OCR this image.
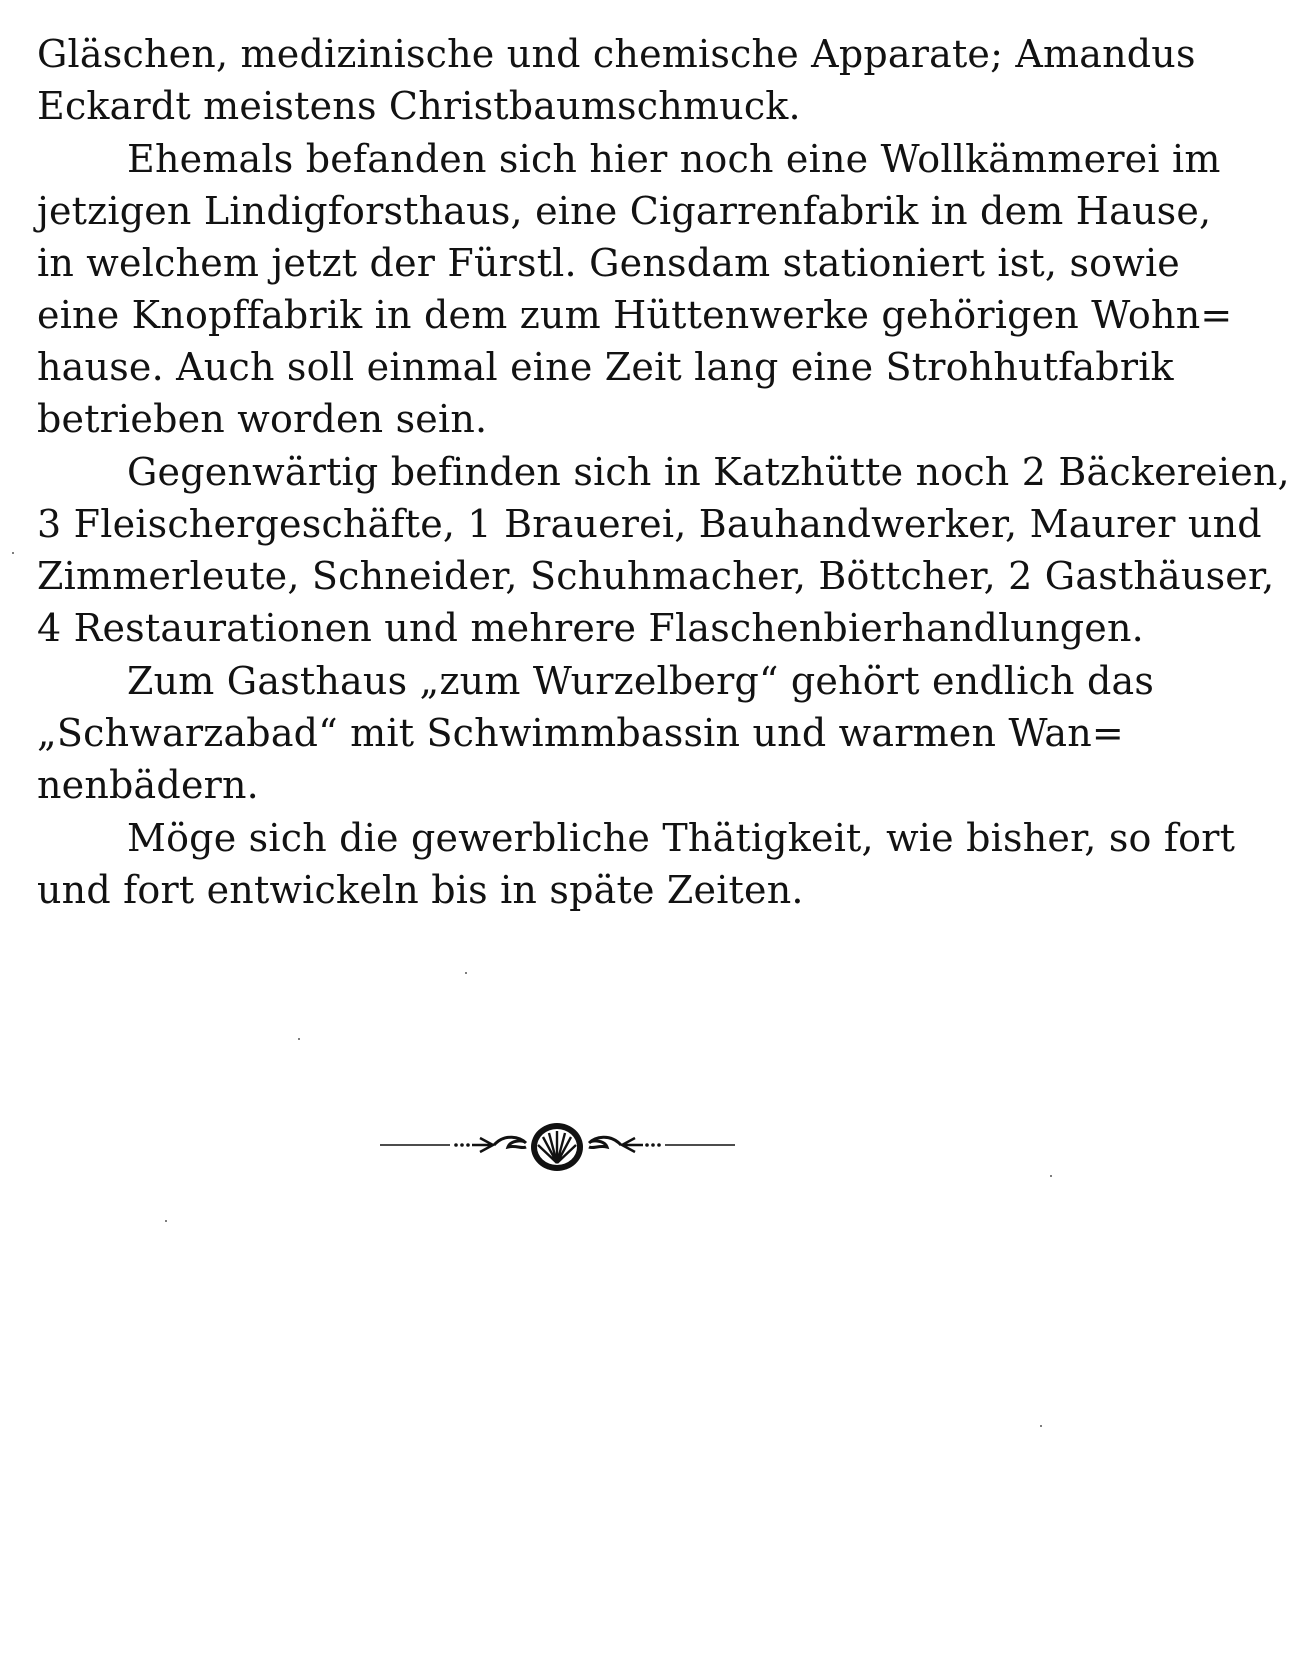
Gläschen, medizinische und chemische Apparate; Amandus
Eckardt meistens Christbaumschmuck.
Ehemals befanden sich hier noch eine Wollkämmerei im
jetzigen Lindigforsthaus, eine Cigarrenfabrik in dem Hause,
in welchem jetzt der Fürstl. Gensdam stationiert ist, sowie
eine Knopffabrik in dem zum Hüttenwerke gehörigen Wohn=
hause. Auch soll einmal eine Zeit lang eine Strohhutfabrik
betrieben worden sein.
Gegenwärtig befinden sich in Katzhütte noch 2 Bäckereien,
3 Fleischergeschäfte, 1 Brauerei, Bauhandwerker, Maurer und
Zimmerleute, Schneider, Schuhmacher, Böttcher, 2 Gasthäuser,
4 Restaurationen und mehrere Flaschenbierhandlungen.
Zum Gasthaus „zum Wurzelberg“ gehört endlich das
„Schwarzabad“ mit Schwimmbassin und warmen Wan=
nenbädern.
Möge sich die gewerbliche Thätigkeit, wie bisher, so fort
und fort entwickeln bis in späte Zeiten.
